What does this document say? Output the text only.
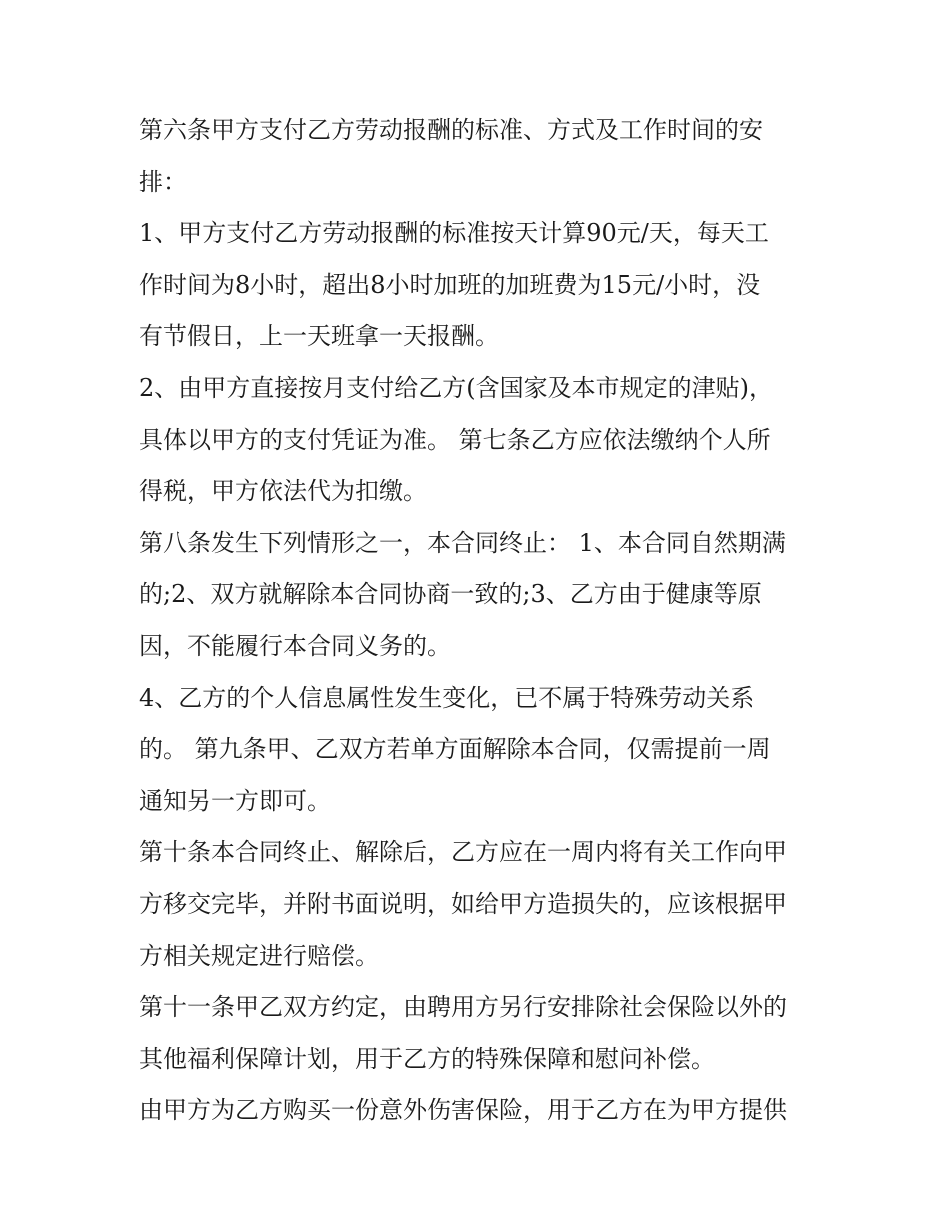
第六条甲方支付乙方劳动报酬的标准、方式及工作时间的安
排：
1、甲方支付乙方劳动报酬的标准按天计算90元/天，每天工
作时间为8小时，超出8小时加班的加班费为15元/小时，没
有节假日，上一天班拿一天报酬。
2、由甲方直接按月支付给乙方(含国家及本市规定的津贴)，
具体以甲方的支付凭证为准。 第七条乙方应依法缴纳个人所
得税，甲方依法代为扣缴。
第八条发生下列情形之一，本合同终止： 1、本合同自然期满
的;2、双方就解除本合同协商一致的;3、乙方由于健康等原
因，不能履行本合同义务的。
4、乙方的个人信息属性发生变化，已不属于特殊劳动关系
的。 第九条甲、乙双方若单方面解除本合同，仅需提前一周
通知另一方即可。
第十条本合同终止、解除后，乙方应在一周内将有关工作向甲
方移交完毕，并附书面说明，如给甲方造损失的，应该根据甲
方相关规定进行赔偿。
第十一条甲乙双方约定，由聘用方另行安排除社会保险以外的
其他福利保障计划，用于乙方的特殊保障和慰问补偿。
由甲方为乙方购买一份意外伤害保险，用于乙方在为甲方提供
